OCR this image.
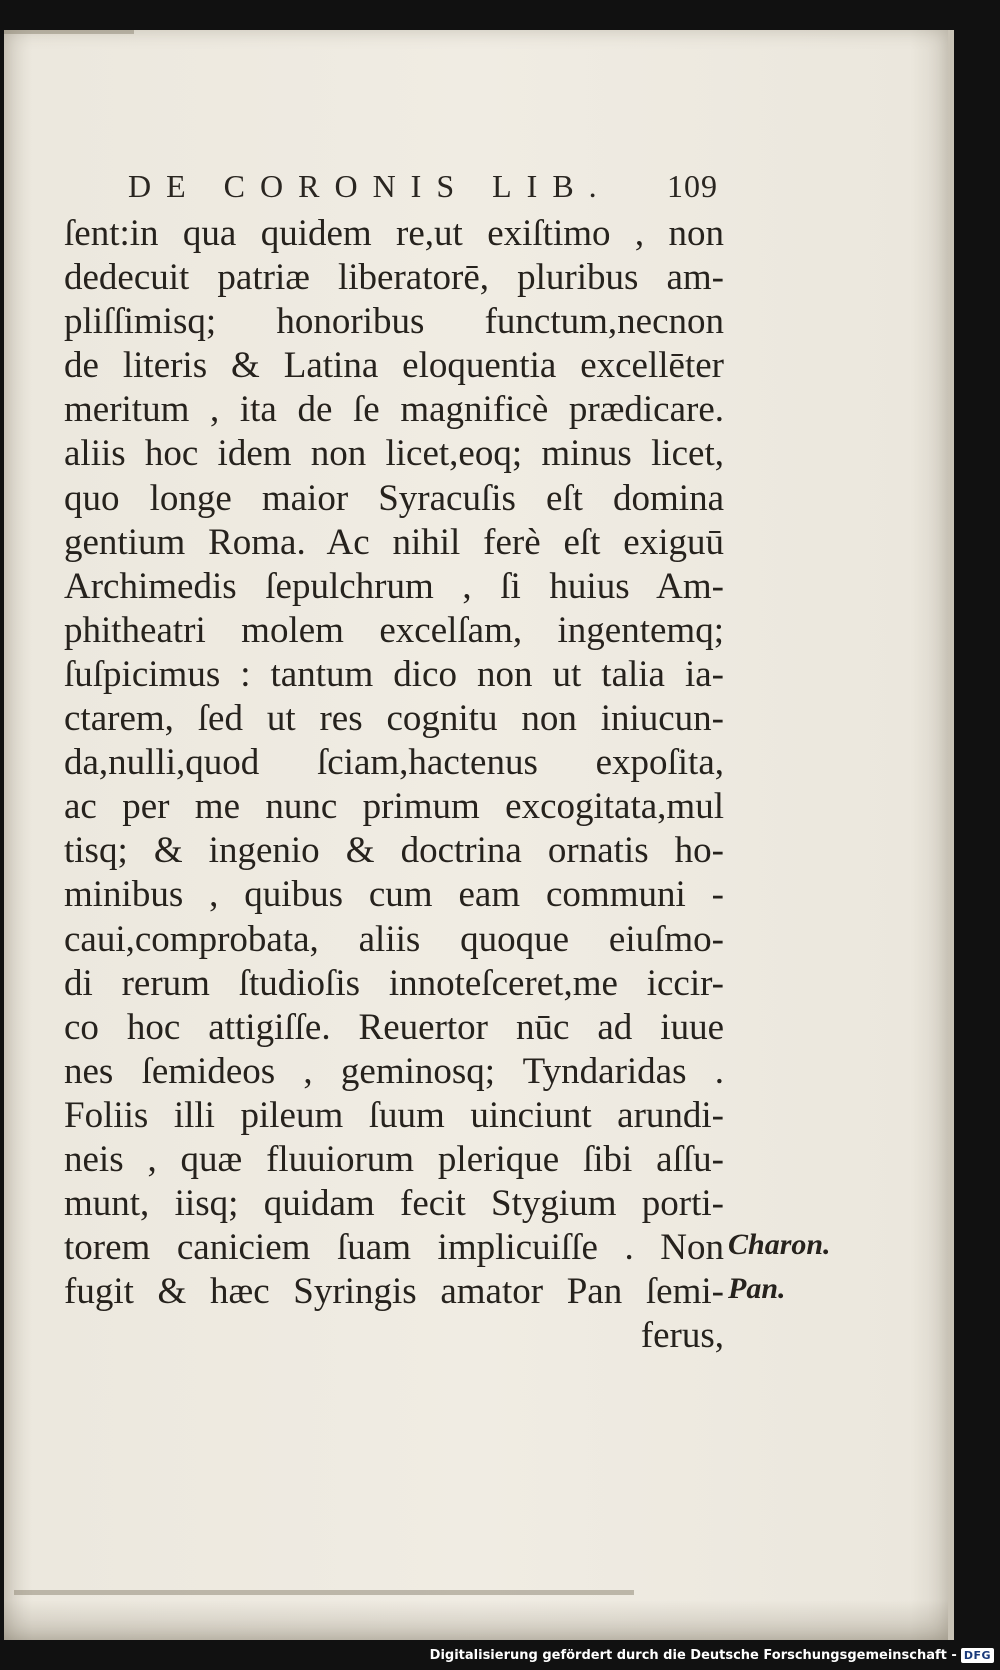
DE CORONIS LIB. 109
ſent:in qua quidem re,ut exiſtimo , non
dedecuit patriæ liberatorē, pluribus am-
pliſſimisq; honoribus functum,necnon
de literis & Latina eloquentia excellēter
meritum , ita de ſe magnificè prædicare.
aliis hoc idem non licet,eoq; minus licet,
quo longe maior Syracuſis eſt domina
gentium Roma. Ac nihil ferè eſt exiguū
Archimedis ſepulchrum , ſi huius Am-
phitheatri molem excelſam, ingentemq;
ſuſpicimus : tantum dico non ut talia ia-
ctarem, ſed ut res cognitu non iniucun-
da,nulli,quod ſciam,hactenus expoſita,
ac per me nunc primum excogitata,mul
tisq; & ingenio & doctrina ornatis ho-
minibus , quibus cum eam communi -
caui,comprobata, aliis quoque eiuſmo-
di rerum ſtudioſis innoteſceret,me iccir-
co hoc attigiſſe. Reuertor nūc ad iuue
nes ſemideos , geminosq; Tyndaridas .
Foliis illi pileum ſuum uinciunt arundi-
neis , quæ fluuiorum plerique ſibi aſſu-
munt, iisq; quidam fecit Stygium porti-
torem caniciem ſuam implicuiſſe . Non
fugit & hæc Syringis amator Pan ſemi-
ferus,
Charon.
Pan.
Digitalisierung gefördert durch die Deutsche Forschungsgemeinschaft - DFG
